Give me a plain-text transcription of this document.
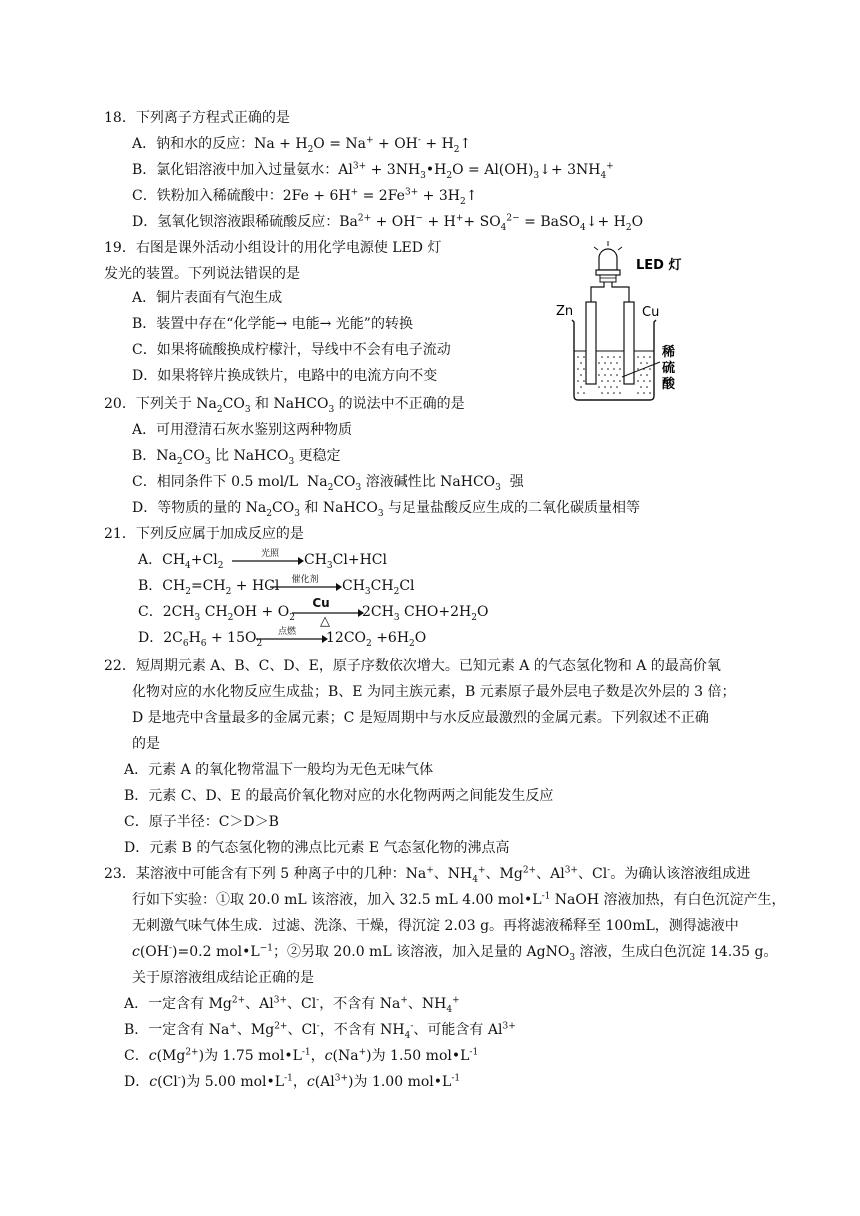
18．下列离子方程式正确的是
A．钠和水的反应：$Na + H_2O = Na^+ + OH^-$ + $H_2↑$
B．氯化铝溶液中加入过量氨水：$Al^{3+}$ + $3NH_3•H_2O$ = $Al(OH)_3↓+ 3NH_4^+$
C．铁粉加入稀硫酸中：$2Fe + 6H^+ = 2Fe^{3+}$ + $3H_2↑$
D．氢氧化钡溶液跟稀硫酸反应：$Ba^{2+} + OH^- + H^++ SO_4^{2-}$ = BaSO$_4$↓+ $H_2O$
19．右图是课外活动小组设计的用化学电源使 LED 灯
发光的装置。下列说法错误的是
A．铜片表面有气泡生成
B．装置中存在“化学能→ 电能→ 光能”的转换
C．如果将硫酸换成柠檬汁，导线中不会有电子流动
D．如果将锌片换成铁片，电路中的电流方向不变
LED 灯
Zn	Cu
稀
硫
酸
20．下列关于 $Na_2CO_3$ 和 NaHCO$_3$ 的说法中不正确的是
A．可用澄清石灰水鉴别这两种物质
B．$Na_2CO_3$ 比 NaHCO$_3$ 更稳定
C．相同条件下 0.5 mol/L  $Na_2CO_3$ 溶液碱性比 NaHCO$_3$ 强
D．等物质的量的 $Na_2CO_3$ 和 NaHCO$_3$ 与足量盐酸反应生成的二氧化碳质量相等
21．下列反应属于加成反应的是
A．$CH_4+Cl_2$
光照	$CH_3Cl+HCl$
B．$CH_2=CH_2$ + HCl	催化剂	$CH_3CH_2Cl$
C．$2CH_3$ $CH_2OH + O_2$
Cu
△
$2CH_3$ $CHO+2H_2O$
D．$2C_6H_6 + 15O_2$
点燃	$12CO_2 +6H_2O$
22．短周期元素 A、B、C、D、E，原子序数依次增大。已知元素 A 的气态氢化物和 A 的最高价氧
化物对应的水化物反应生成盐；B、E 为同主族元素，B 元素原子最外层电子数是次外层的 3 倍；
D 是地壳中含量最多的金属元素；C 是短周期中与水反应最激烈的金属元素。下列叙述不正确
的是
A．元素 A 的氧化物常温下一般均为无色无味气体
B．元素 C、D、E 的最高价氧化物对应的水化物两两之间能发生反应
C．原子半径：C＞D＞B
D．元素 B 的气态氢化物的沸点比元素 E 气态氢化物的沸点高
23．某溶液中可能含有下列 5 种离子中的几种：Na+、$NH_4^+$、$Mg^{2+}$、$Al^{3+}$、Cl-。为确认该溶液组成进
行如下实验：①取 20.0 mL 该溶液，加入 32.5 mL 4.00 $mol•L^{-1}$ NaOH 溶液加热，有白色沉淀产生，
无刺激气味气体生成．过滤、洗涤、干燥，得沉淀 2.03 g。再将滤液稀释至 100mL，测得滤液中
c(OH-)=0.2 $mol•L^{-1}$；②另取 20.0 mL 该溶液，加入足量的 AgNO$_3$ 溶液，生成白色沉淀 14.35 g。
关于原溶液组成结论正确的是
A．一定含有 $Mg^{2+}$、$Al^{3+}$、Cl-，不含有 Na+、$NH_4^+$
B．一定含有 Na+、$Mg^{2+}$、Cl-，不含有 $NH_4^-$、可能含有 $Al^{3+}$
C．$c(Mg^{2+})$为 1.75 $mol•L^{-1}$，c(Na+)为 1.50 $mol•L^{-1}$
D．c(Cl-)为 5.00 $mol•L^{-1}$，$c(Al^{3+})$为 1.00 $mol•L^{-1}$
